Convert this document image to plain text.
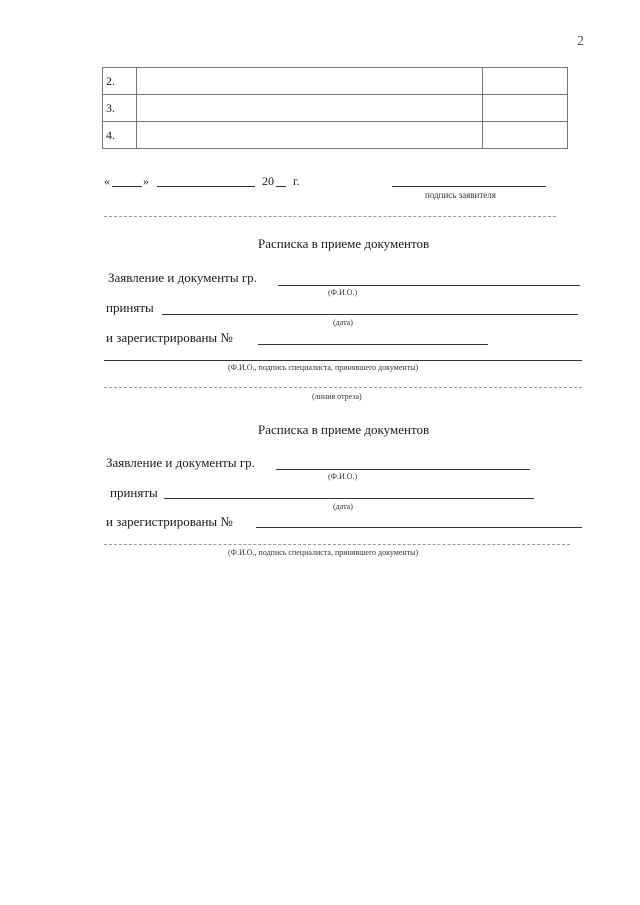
2
2.		
3.		
4.		
«	»	20 г.
подпись заявителя
Расписка в приеме документов
Заявление и документы гр.
(Ф.И.О.)
приняты
(дата)
и зарегистрированы №
(Ф.И.О., подпись специалиста, принявшего документы)
(линия отреза)
Расписка в приеме документов
Заявление и документы гр.
(Ф.И.О.)
приняты
(дата)
и зарегистрированы №
(Ф.И.О., подпись специалиста, принявшего документы)
